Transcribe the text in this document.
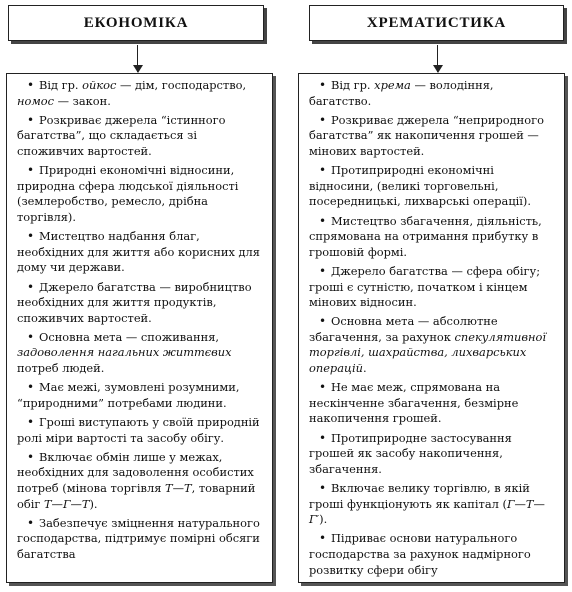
ЕКОНОМІКА	ХРЕМАТИСТИКА

• Від гр. ойкос — дім, господарство, номос — закон.

• Розкриває джерела “істинного багатства”, що складається зі споживчих вартостей.

• Природні економічні відносини, природна сфера людської діяльності (землеробство, ремесло, дрібна торгівля).

• Мистецтво надбання благ, необхідних для життя або корисних для дому чи держави.

• Джерело багатства — виробництво необхідних для життя продуктів, споживчих вартостей.

• Основна мета — споживання, задоволення нагальних життєвих потреб людей.

• Має межі, зумовлені розумними, “природними” потребами людини.

• Гроші виступають у своїй природній ролі міри вартості та засобу обігу.

• Включає обмін лише у межах, необхідних для задоволення особистих потреб (мінова торгівля Т—Т, товарний обіг Т—Г—Т).

• Забезпечує зміцнення натурального господарства, підтримує помірні обсяги багатства

• Від гр. хрема — володіння, багатство.

• Розкриває джерела “неприродного багатства” як накопичення грошей — мінових вартостей.

• Протиприродні економічні відносини, (великі торговельні, посередницькі, лихварські операції).

• Мистецтво збагачення, діяльність, спрямована на отримання прибутку в грошовій формі.

• Джерело багатства — сфера обігу; гроші є сутністю, початком і кінцем мінових відносин.

• Основна мета — абсолютне збагачення, за рахунок спекулятивної торгівлі, шахрайства, лихварських операцій.

• Не має меж, спрямована на нескінченне збагачення, безмірне накопичення грошей.

• Протиприродне застосування грошей як засобу накопичення, збагачення.

• Включає велику торгівлю, в якій гроші функціонують як капітал (Г—Т—Г′).

• Підриває основи натурального господарства за рахунок надмірного розвитку сфери обігу
